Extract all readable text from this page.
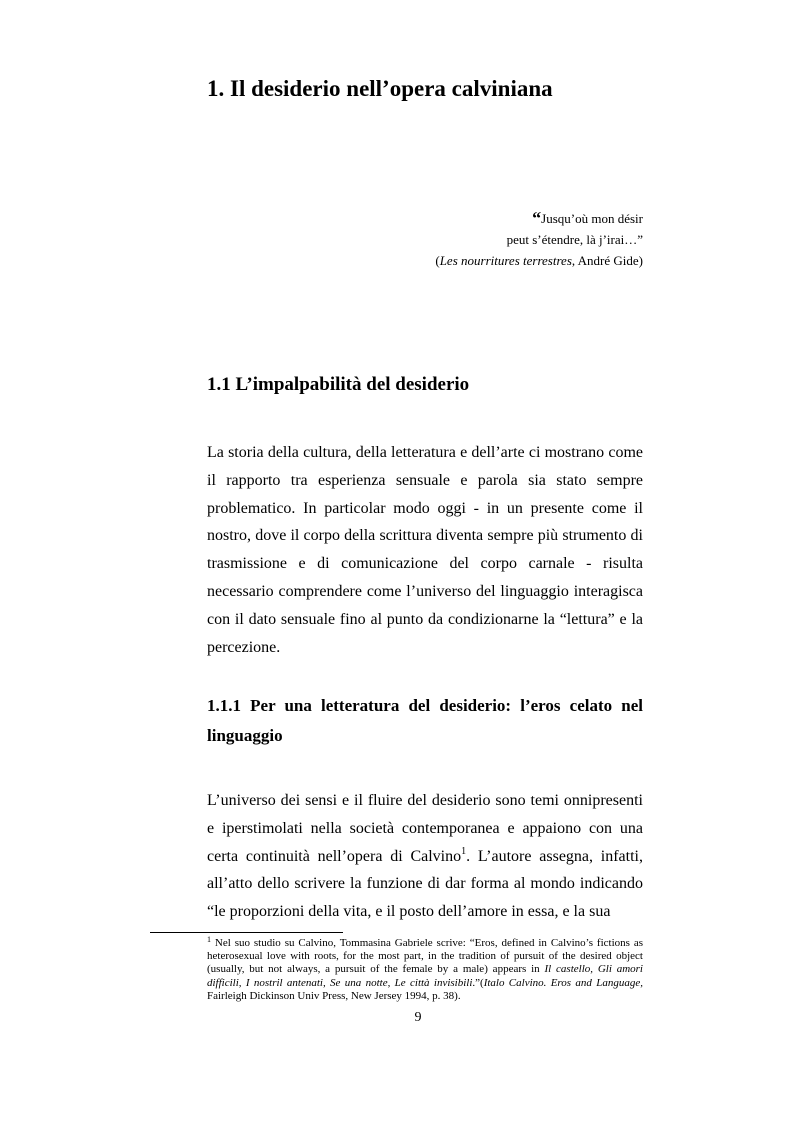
1. Il desiderio nell’opera calviniana
“Jusqu’où mon désir
peut s’étendre, là j’irai…”
(Les nourritures terrestres, André Gide)
1.1 L’impalpabilità del desiderio

La storia della cultura, della letteratura e dell’arte ci mostrano come il rapporto tra esperienza sensuale e parola sia stato sempre problematico. In particolar modo oggi - in un presente come il nostro, dove il corpo della scrittura diventa sempre più strumento di trasmissione e di comunicazione del corpo carnale - risulta necessario comprendere come l’universo del linguaggio interagisca con il dato sensuale fino al punto da condizionarne la “lettura” e la percezione.

1.1.1 Per una letteratura del desiderio: l’eros celato nel linguaggio

L’universo dei sensi e il fluire del desiderio sono temi onnipresenti e iperstimolati nella società contemporanea e appaiono con una certa continuità nell’opera di Calvino$^1$. L’autore assegna, infatti, all’atto dello scrivere la funzione di dar forma al mondo indicando “le proporzioni della vita, e il posto dell’amore in essa, e la sua

$^1$ Nel suo studio su Calvino, Tommasina Gabriele scrive: “Eros, defined in Calvino’s fictions as heterosexual love with roots, for the most part, in the tradition of pursuit of the desired object (usually, but not always, a pursuit of the female by a male) appears in Il castello, Gli amori difficili, I nostril antenati, Se una notte, Le città invisibili.”(Italo Calvino. Eros and Language, Fairleigh Dickinson Univ Press, New Jersey 1994, p. 38).
9
